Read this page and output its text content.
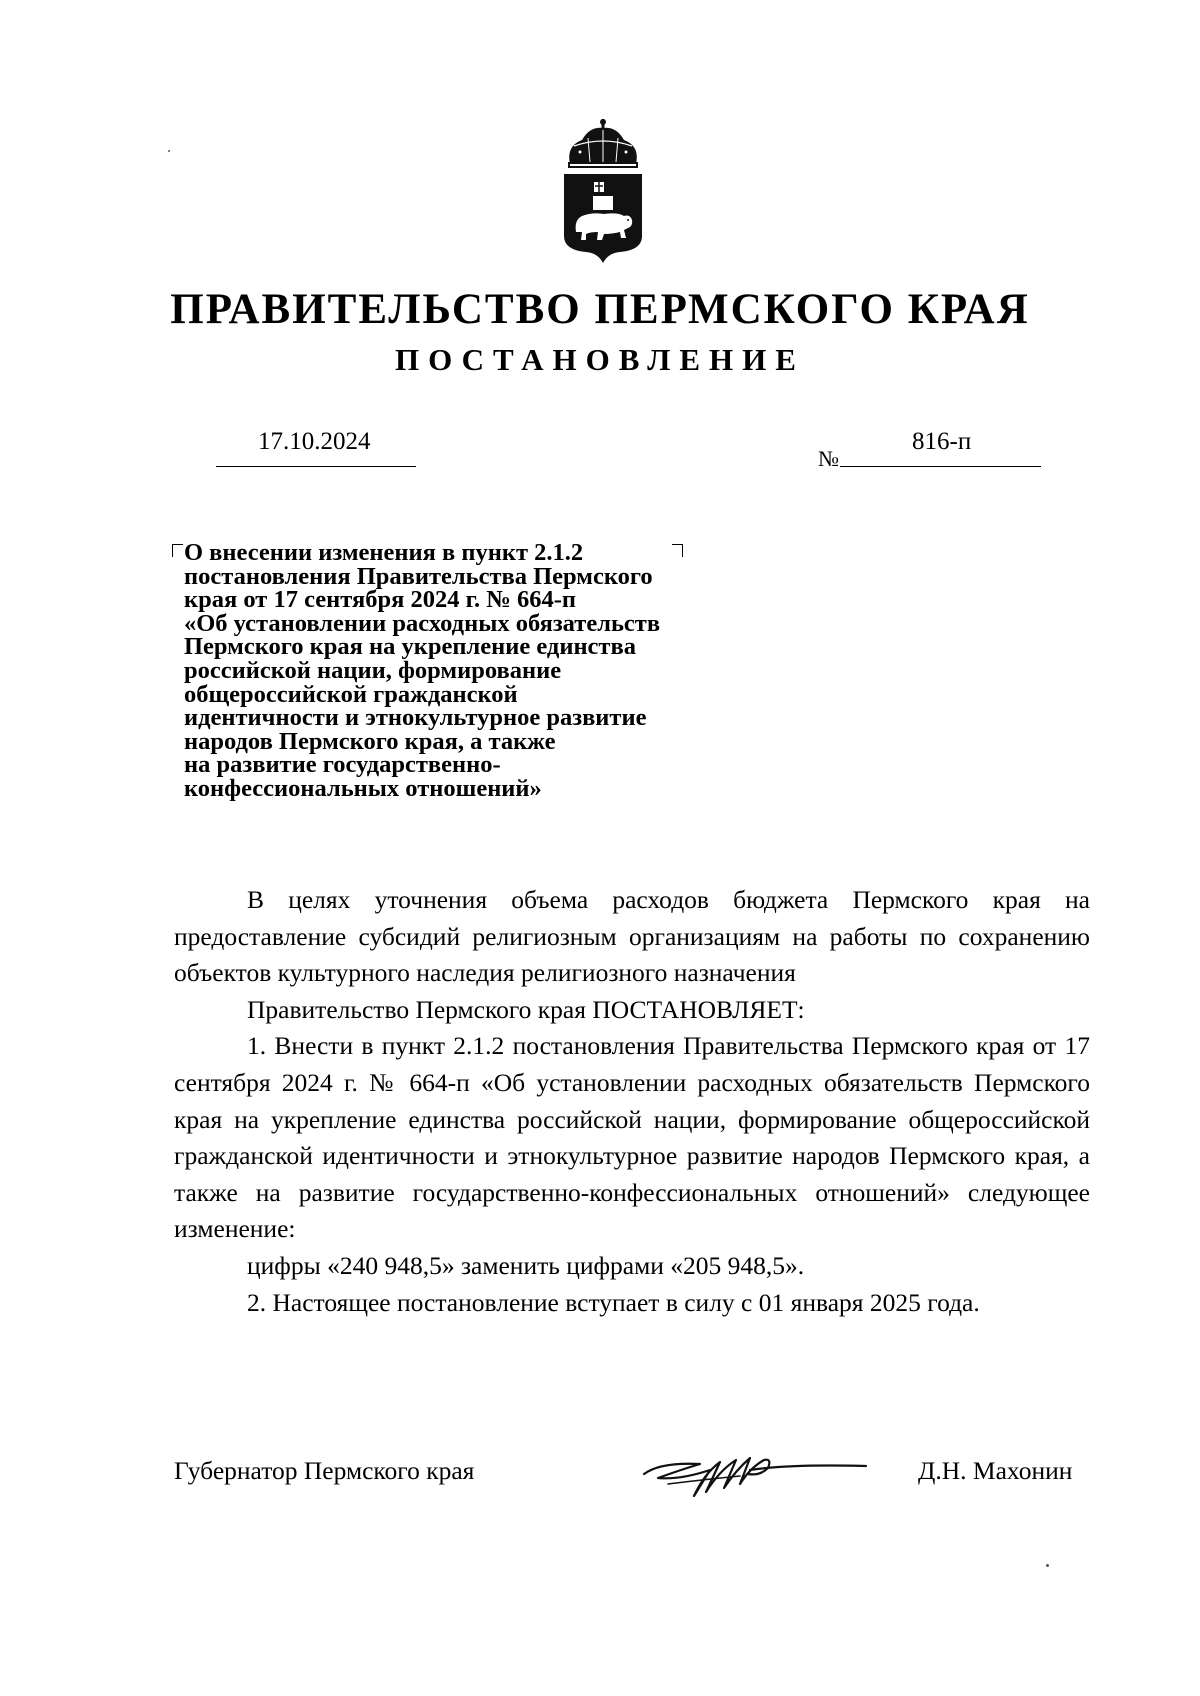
ПРАВИТЕЛЬСТВО ПЕРМСКОГО КРАЯ
ПОСТАНОВЛЕНИЕ
17.10.2024
№
816-п
О внесении изменения в пункт 2.1.2
постановления Правительства Пермского
края от 17 сентября 2024 г. № 664-п
«Об установлении расходных обязательств
Пермского края на укрепление единства
российской нации, формирование
общероссийской гражданской
идентичности и этнокультурное развитие
народов Пермского края, а также
на развитие государственно-
конфессиональных отношений»

В целях уточнения объема расходов бюджета Пермского края на предоставление субсидий религиозным организациям на работы по сохранению объектов культурного наследия религиозного назначения

Правительство Пермского края ПОСТАНОВЛЯЕТ:

1. Внести в пункт 2.1.2 постановления Правительства Пермского края от 17 сентября 2024 г. № 664-п «Об установлении расходных обязательств Пермского края на укрепление единства российской нации, формирование общероссийской гражданской идентичности и этнокультурное развитие народов Пермского края, а также на развитие государственно-конфессиональных отношений» следующее изменение:

цифры «240 948,5» заменить цифрами «205 948,5».

2. Настоящее постановление вступает в силу с 01 января 2025 года.

Губернатор Пермского края	Д.Н. Махонин
